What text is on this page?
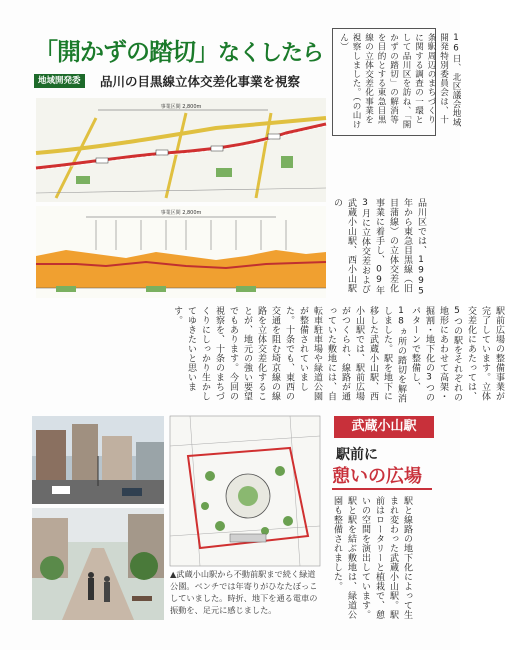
「開かずの踏切」なくしたら
地域開発委	品川の目黒線立体交差化事業を視察	16日、北区議会地域開発特別委員会は、十条駅周辺のまちづくりに関する調査の一環として品川区を訪ね、「開かずの踏切」の解消等を目的とする東急目黒線の立体交差化事業を視察しました。（の山けん）
事業区間 2,800m
事業区間 2,800m	品川区では、1995年から東急目黒線（旧目蒲線）の立体交差化事業に着手し、09年3月に立体交差および武蔵小山駅、西小山駅の
駅前広場の整備事業が完了しています。立体交差化にあたっては、5つの駅をそれぞれの地形にあわせて高架・掘割・地下化の3つのパターンで整備し、18ヵ所の踏切を解消しました。駅を地下に移した武蔵小山駅、西小山駅では、駅前広場がつくられ、線路が通っていた敷地には、自転車駐車場や緑道公園が整備されていました。十条でも、東西の交通を阻む埼京線の線路を立体交差化することが、地元の強い要望でもあります。今回の視察を、十条のまちづくりにしっかり生かしてゆきたいと思います。
▲武蔵小山駅から不動前駅まで続く緑道公園。ベンチでは年寄りがひなたぼっこしていました。時折、地下を通る電車の振動を、足元に感じました。
武蔵小山駅
駅前に
憩いの広場
駅と線路の地下化によって生まれ変わった武蔵小山駅。駅前はロータリーと植栽で、憩いの空間を演出しています。駅と駅を結ぶ敷地は、緑道公園も整備されました。
